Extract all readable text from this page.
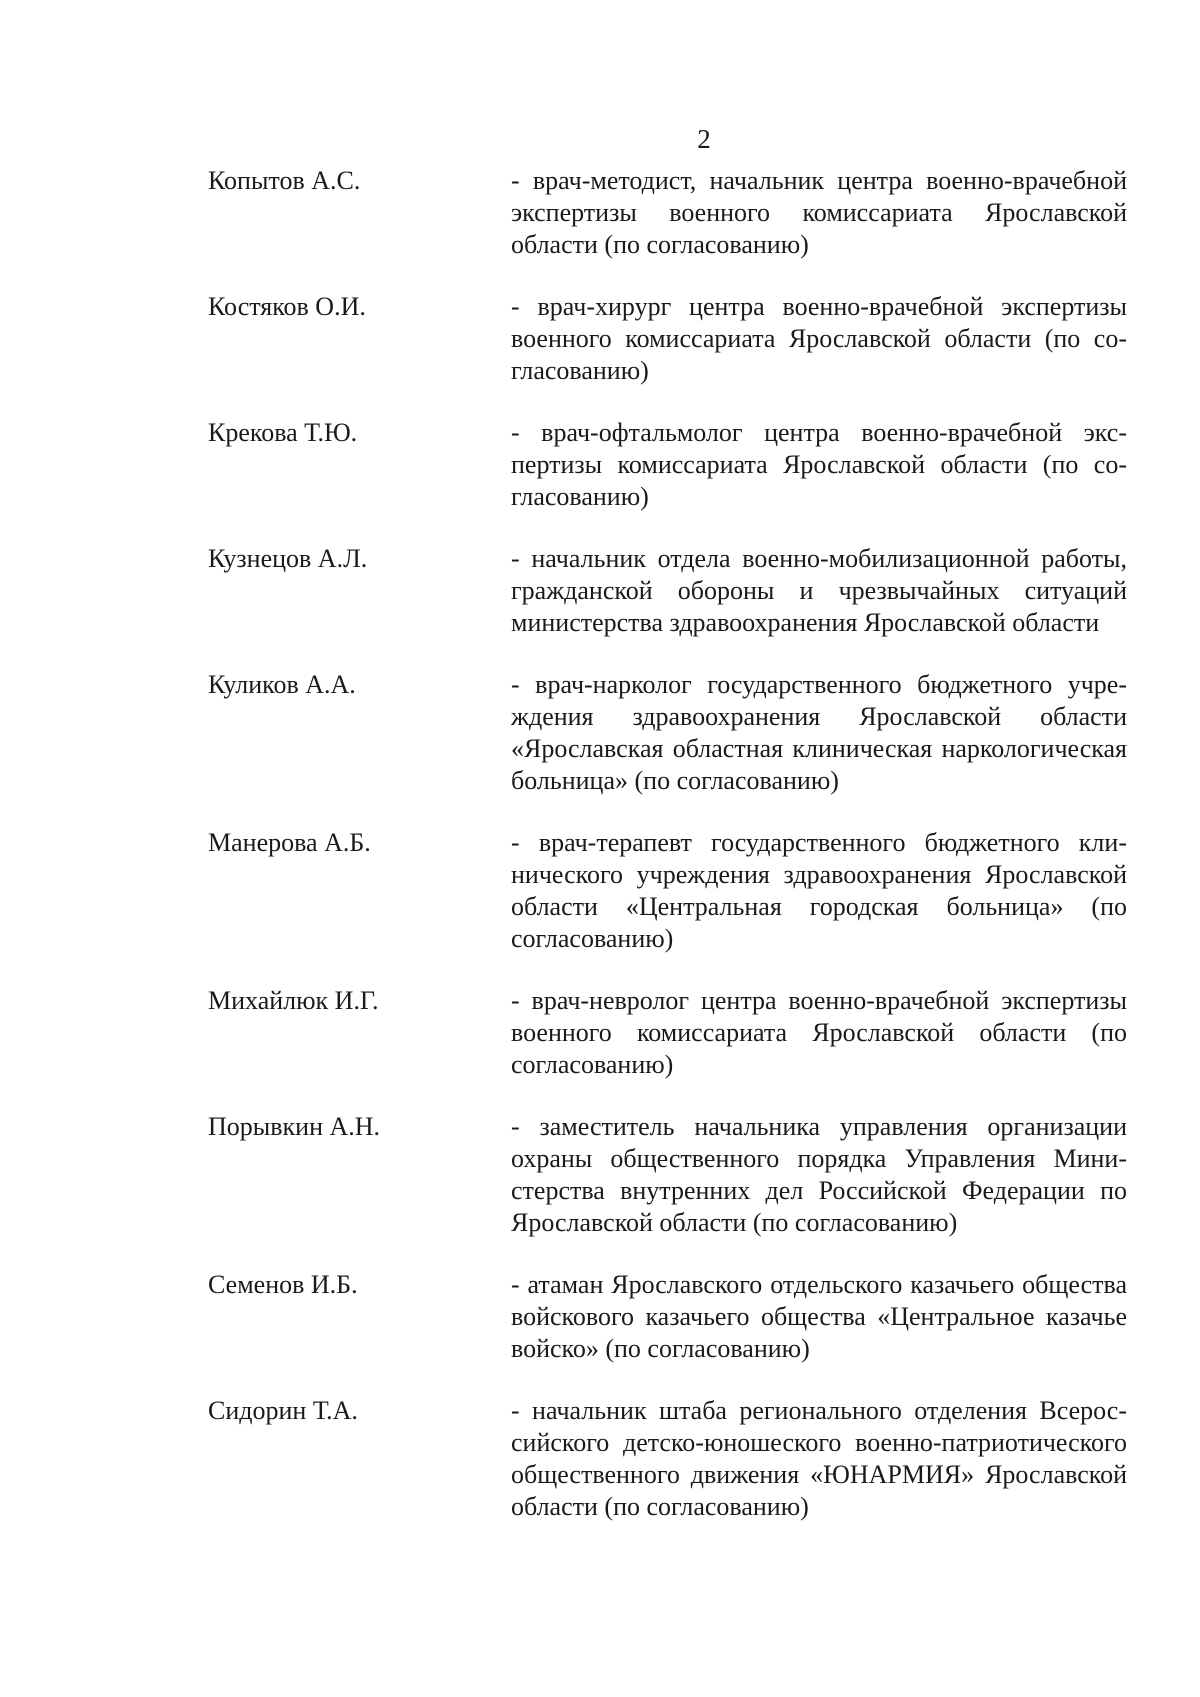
2
Копытов А.С.	- врач-методист, начальник центра военно-врачебной экспертизы военного комиссариата Ярославской области (по согласованию)
Костяков О.И.	- врач-хирург центра военно-врачебной экспертизы военного комиссариата Ярославской области (по согласованию)
Крекова Т.Ю.	- врач-офтальмолог центра военно-врачебной экспертизы комиссариата Ярославской области (по согласованию)
Кузнецов А.Л.	- начальник отдела военно-мобилизационной работы, гражданской обороны и чрезвычайных ситуаций министерства здравоохранения Ярославской области
Куликов А.А.	- врач-нарколог государственного бюджетного учреждения здравоохранения Ярославской области «Ярославская областная клиническая наркологическая больница» (по согласованию)
Манерова А.Б.	- врач-терапевт государственного бюджетного клинического учреждения здравоохранения Ярославской области «Центральная городская больница» (по согласованию)
Михайлюк И.Г.	- врач-невролог центра военно-врачебной экспертизы военного комиссариата Ярославской области (по согласованию)
Порывкин А.Н.	- заместитель начальника управления организации охраны общественного порядка Управления Министерства внутренних дел Российской Федерации по Ярославской области (по согласованию)
Семенов И.Б.	- атаман Ярославского отдельского казачьего общества войскового казачьего общества «Центральное казачье войско» (по согласованию)
Сидорин Т.А.	- начальник штаба регионального отделения Всероссийского детско-юношеского военно-патриотического общественного движения «ЮНАРМИЯ» Ярославской области (по согласованию)
